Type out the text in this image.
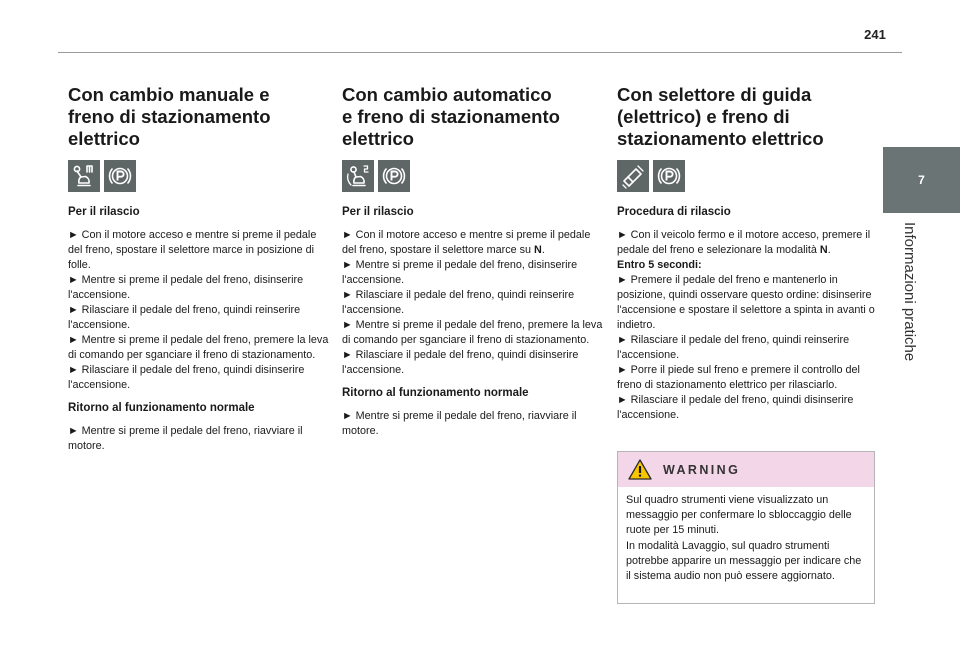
241
7
Informazioni pratiche
Con cambio manuale e
freno di stazionamento
elettrico
Per il rilascio

► Con il motore acceso e mentre si preme il pedale del freno, spostare il selettore marce in posizione di folle.

► Mentre si preme il pedale del freno, disinserire l'accensione.

► Rilasciare il pedale del freno, quindi reinserire l'accensione.

► Mentre si preme il pedale del freno, premere la leva di comando per sganciare il freno di stazionamento.

► Rilasciare il pedale del freno, quindi disinserire l'accensione.

Ritorno al funzionamento normale

► Mentre si preme il pedale del freno, riavviare il motore.

Con cambio automatico
e freno di stazionamento
elettrico
Per il rilascio

► Con il motore acceso e mentre si preme il pedale del freno, spostare il selettore marce su N.

► Mentre si preme il pedale del freno, disinserire l'accensione.

► Rilasciare il pedale del freno, quindi reinserire l'accensione.

► Mentre si preme il pedale del freno, premere la leva di comando per sganciare il freno di stazionamento.

► Rilasciare il pedale del freno, quindi disinserire l'accensione.

Ritorno al funzionamento normale

► Mentre si preme il pedale del freno, riavviare il motore.

Con selettore di guida
(elettrico) e freno di
stazionamento elettrico
Procedura di rilascio

► Con il veicolo fermo e il motore acceso, premere il pedale del freno e selezionare la modalità N.

Entro 5 secondi:

► Premere il pedale del freno e mantenerlo in posizione, quindi osservare questo ordine: disinserire l'accensione e spostare il selettore a spinta in avanti o indietro.

► Rilasciare il pedale del freno, quindi reinserire l'accensione.

► Porre il piede sul freno e premere il controllo del freno di stazionamento elettrico per rilasciarlo.

► Rilasciare il pedale del freno, quindi disinserire l'accensione.

WARNING

Sul quadro strumenti viene visualizzato un messaggio per confermare lo sbloccaggio delle ruote per 15 minuti.

In modalità Lavaggio, sul quadro strumenti potrebbe apparire un messaggio per indicare che il sistema audio non può essere aggiornato.
